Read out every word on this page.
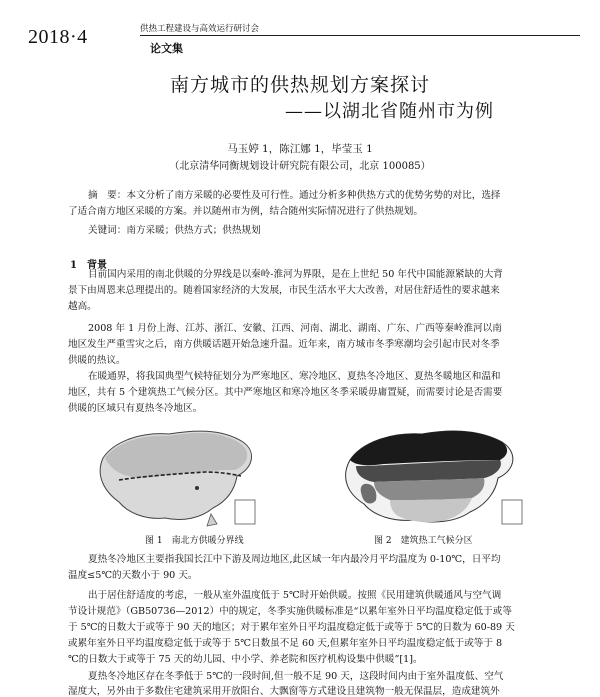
2018·4	供热工程建设与高效运行研讨会
论文集
南方城市的供热规划方案探讨
——以湖北省随州市为例
马玉婷 1，陈江娜 1，毕莹玉 1
（北京清华同衡规划设计研究院有限公司，北京 100085）
摘　要：本文分析了南方采暖的必要性及可行性。通过分析多种供热方式的优势劣势的对比，选择
了适合南方地区采暖的方案。并以随州市为例，结合随州实际情况进行了供热规划。
关键词：南方采暖；供热方式；供热规划
1　背景
目前国内采用的南北供暖的分界线是以秦岭-淮河为界限，是在上世纪 50 年代中国能源紧缺的大背
景下由周恩来总理提出的。随着国家经济的大发展，市民生活水平大大改善，对居住舒适性的要求越来
越高。
2008 年 1 月份上海、江苏、浙江、安徽、江西、河南、湖北、湖南、广东、广西等秦岭淮河以南
地区发生严重雪灾之后，南方供暖话题开始急速升温。近年来，南方城市冬季寒潮均会引起市民对冬季
供暖的热议。
在暖通界，将我国典型气候特征划分为严寒地区、寒冷地区、夏热冬冷地区、夏热冬暖地区和温和
地区，共有 5 个建筑热工气候分区。其中严寒地区和寒冷地区冬季采暖毋庸置疑，而需要讨论是否需要
供暖的区域只有夏热冬冷地区。
图 1　南北方供暖分界线	图 2　建筑热工气候分区
夏热冬冷地区主要指我国长江中下游及周边地区,此区域一年内最冷月平均温度为 0-10℃，日平均
温度≤5℃的天数小于 90 天。
出于居住舒适度的考虑，一般从室外温度低于 5℃时开始供暖。按照《民用建筑供暖通风与空气调
节设计规范》（GB50736—2012）中的规定，冬季实施供暖标准是“以累年室外日平均温度稳定低于或等
于 5℃的日数大于或等于 90 天的地区；对于累年室外日平均温度稳定低于或等于 5℃的日数为 60-89 天
或累年室外日平均温度稳定低于或等于 5℃日数虽不足 60 天,但累年室外日平均温度稳定低于或等于 8
℃的日数大于或等于 75 天的幼儿园、中小学、养老院和医疗机构设集中供暖”[1]。
夏热冬冷地区存在冬季低于 5℃的一段时间,但一般不足 90 天，这段时间内由于室外温度低、空气
湿度大，另外由于多数住宅建筑采用开放阳台、大飘窗等方式建设且建筑物一般无保温层，造成建筑外
